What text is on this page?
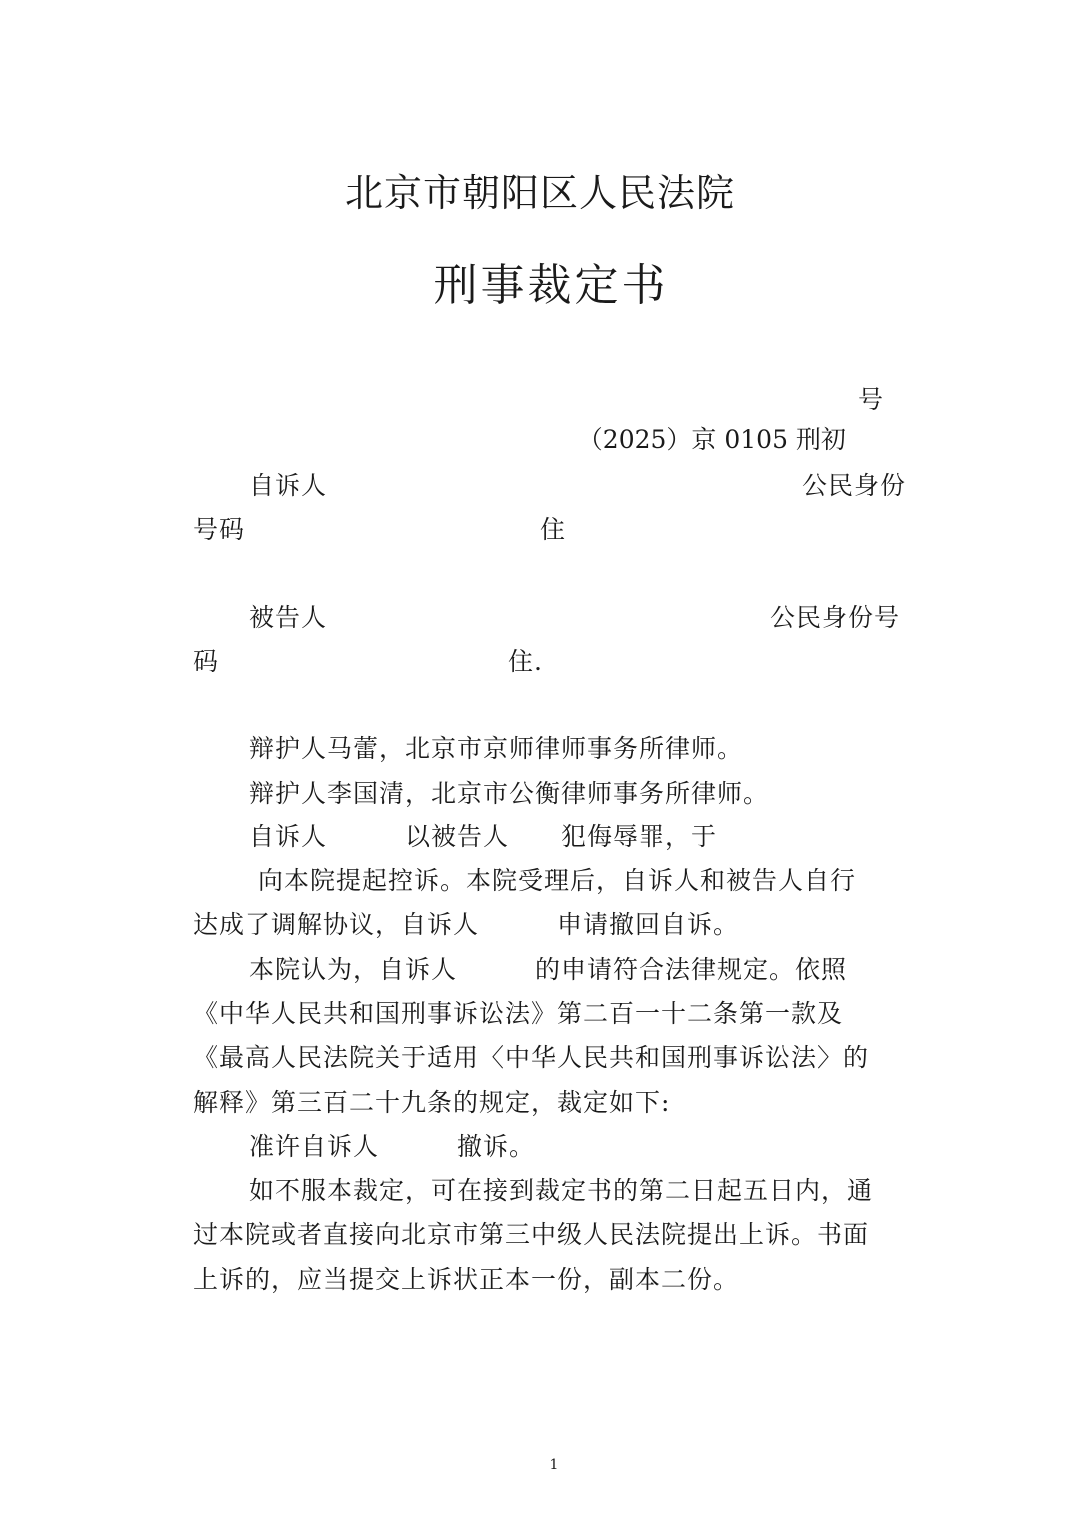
北京市朝阳区人民法院
刑事裁定书

（2025）京 0105 刑初

号

自诉人	公民身份
号码	住
被告人	公民身份号
码	住.
辩护人马蕾，北京市京师律师事务所律师。
辩护人李国清，北京市公衡律师事务所律师。
自诉人　　　以被告人　　犯侮辱罪，于
向本院提起控诉。本院受理后，自诉人和被告人自行
达成了调解协议，自诉人　　　申请撤回自诉。
本院认为，自诉人　　　的申请符合法律规定。依照
《中华人民共和国刑事诉讼法》第二百一十二条第一款及
《最高人民法院关于适用〈中华人民共和国刑事诉讼法〉的
解释》第三百二十九条的规定，裁定如下:
准许自诉人　　　撤诉。
如不服本裁定，可在接到裁定书的第二日起五日内，通
过本院或者直接向北京市第三中级人民法院提出上诉。书面
上诉的，应当提交上诉状正本一份，副本二份。
1
